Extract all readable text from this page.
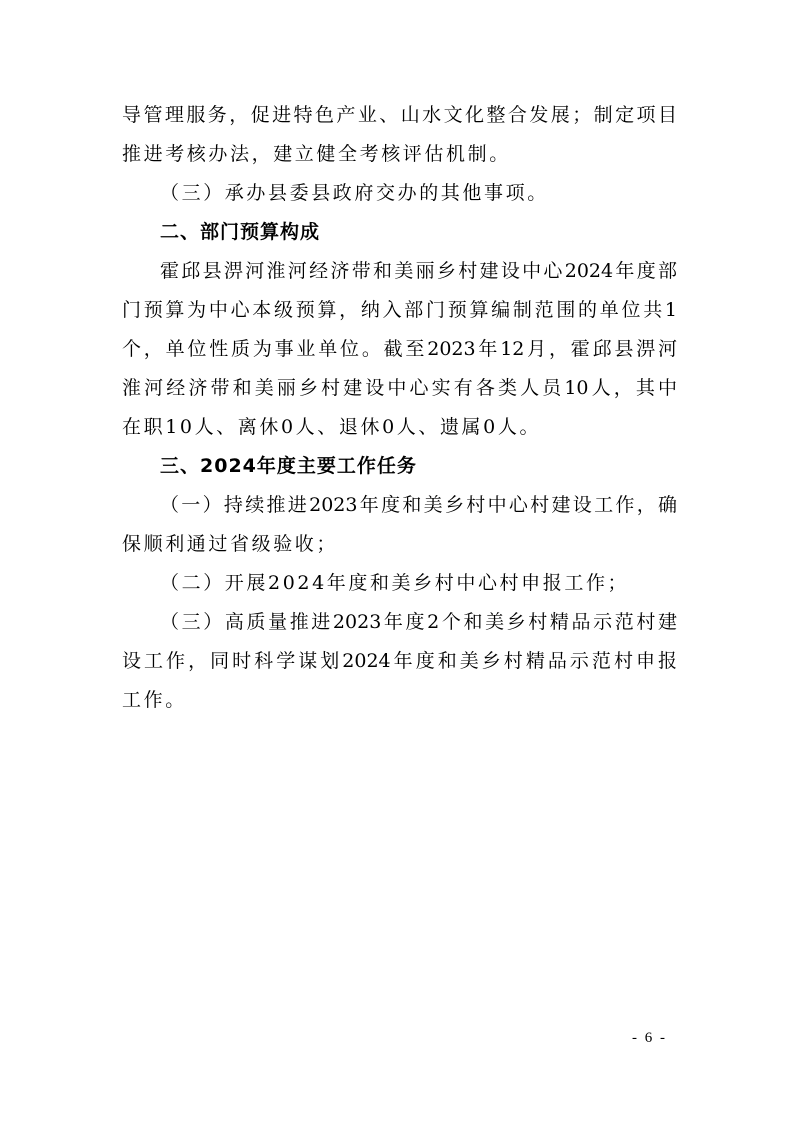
导管理服务，促进特色产业、山水文化整合发展；制定项目
推进考核办法，建立健全考核评估机制。
（三）承办县委县政府交办的其他事项。
二、部门预算构成
霍邱县淠河淮河经济带和美丽乡村建设中心2024年度部
门预算为中心本级预算，纳入部门预算编制范围的单位共1
个，单位性质为事业单位。截至2023年12月，霍邱县淠河
淮河经济带和美丽乡村建设中心实有各类人员10人，其中
在职10人、离休0人、退休0人、遗属0人。
三、2024年度主要工作任务
（一）持续推进2023年度和美乡村中心村建设工作，确
保顺利通过省级验收；
（二）开展2024年度和美乡村中心村申报工作；
（三）高质量推进2023年度2个和美乡村精品示范村建
设工作，同时科学谋划2024年度和美乡村精品示范村申报
工作。
- 6 -
